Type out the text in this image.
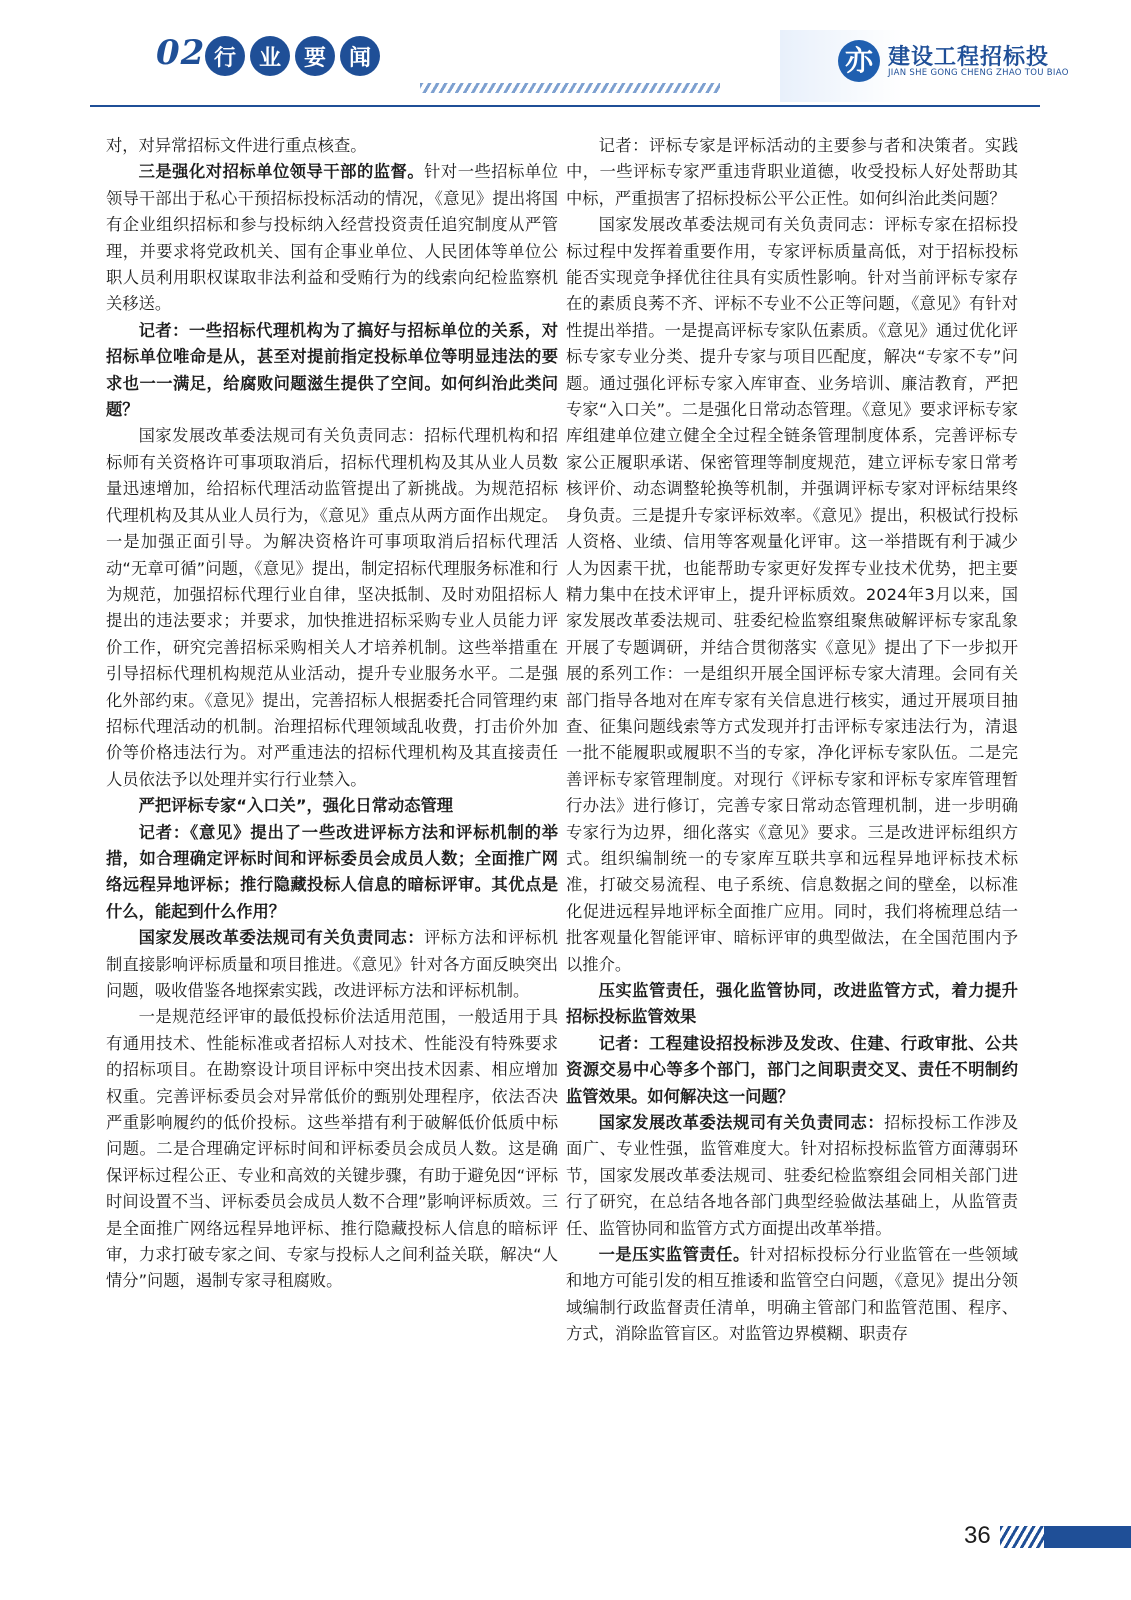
02 行	业	要	闻	亦 建设工程招标投
JIAN SHE GONG CHENG ZHAO TOU BIAO

对，对异常招标文件进行重点核查。

三是强化对招标单位领导干部的监督。针对一些招标单位领导干部出于私心干预招标投标活动的情况，《意见》提出将国有企业组织招标和参与投标纳入经营投资责任追究制度从严管理，并要求将党政机关、国有企事业单位、人民团体等单位公职人员利用职权谋取非法利益和受贿行为的线索向纪检监察机关移送。

记者：一些招标代理机构为了搞好与招标单位的关系，对招标单位唯命是从，甚至对提前指定投标单位等明显违法的要求也一一满足，给腐败问题滋生提供了空间。如何纠治此类问题？

国家发展改革委法规司有关负责同志：招标代理机构和招标师有关资格许可事项取消后，招标代理机构及其从业人员数量迅速增加，给招标代理活动监管提出了新挑战。为规范招标代理机构及其从业人员行为，《意见》重点从两方面作出规定。一是加强正面引导。为解决资格许可事项取消后招标代理活动“无章可循”问题，《意见》提出，制定招标代理服务标准和行为规范，加强招标代理行业自律，坚决抵制、及时劝阻招标人提出的违法要求；并要求，加快推进招标采购专业人员能力评价工作，研究完善招标采购相关人才培养机制。这些举措重在引导招标代理机构规范从业活动，提升专业服务水平。二是强化外部约束。《意见》提出，完善招标人根据委托合同管理约束招标代理活动的机制。治理招标代理领域乱收费，打击价外加价等价格违法行为。对严重违法的招标代理机构及其直接责任人员依法予以处理并实行行业禁入。

严把评标专家“入口关”，强化日常动态管理

记者：《意见》提出了一些改进评标方法和评标机制的举措，如合理确定评标时间和评标委员会成员人数；全面推广网络远程异地评标；推行隐藏投标人信息的暗标评审。其优点是什么，能起到什么作用？

国家发展改革委法规司有关负责同志：评标方法和评标机制直接影响评标质量和项目推进。《意见》针对各方面反映突出问题，吸收借鉴各地探索实践，改进评标方法和评标机制。

一是规范经评审的最低投标价法适用范围，一般适用于具有通用技术、性能标准或者招标人对技术、性能没有特殊要求的招标项目。在勘察设计项目评标中突出技术因素、相应增加权重。完善评标委员会对异常低价的甄别处理程序，依法否决严重影响履约的低价投标。这些举措有利于破解低价低质中标问题。二是合理确定评标时间和评标委员会成员人数。这是确保评标过程公正、专业和高效的关键步骤，有助于避免因“评标时间设置不当、评标委员会成员人数不合理”影响评标质效。三是全面推广网络远程异地评标、推行隐藏投标人信息的暗标评审，力求打破专家之间、专家与投标人之间利益关联，解决“人情分”问题，遏制专家寻租腐败。

记者：评标专家是评标活动的主要参与者和决策者。实践中，一些评标专家严重违背职业道德，收受投标人好处帮助其中标，严重损害了招标投标公平公正性。如何纠治此类问题？

国家发展改革委法规司有关负责同志：评标专家在招标投标过程中发挥着重要作用，专家评标质量高低，对于招标投标能否实现竞争择优往往具有实质性影响。针对当前评标专家存在的素质良莠不齐、评标不专业不公正等问题，《意见》有针对性提出举措。一是提高评标专家队伍素质。《意见》通过优化评标专家专业分类、提升专家与项目匹配度，解决“专家不专”问题。通过强化评标专家入库审查、业务培训、廉洁教育，严把专家“入口关”。二是强化日常动态管理。《意见》要求评标专家库组建单位建立健全全过程全链条管理制度体系，完善评标专家公正履职承诺、保密管理等制度规范，建立评标专家日常考核评价、动态调整轮换等机制，并强调评标专家对评标结果终身负责。三是提升专家评标效率。《意见》提出，积极试行投标人资格、业绩、信用等客观量化评审。这一举措既有利于减少人为因素干扰，也能帮助专家更好发挥专业技术优势，把主要精力集中在技术评审上，提升评标质效。2024年3月以来，国家发展改革委法规司、驻委纪检监察组聚焦破解评标专家乱象开展了专题调研，并结合贯彻落实《意见》提出了下一步拟开展的系列工作：一是组织开展全国评标专家大清理。会同有关部门指导各地对在库专家有关信息进行核实，通过开展项目抽查、征集问题线索等方式发现并打击评标专家违法行为，清退一批不能履职或履职不当的专家，净化评标专家队伍。二是完善评标专家管理制度。对现行《评标专家和评标专家库管理暂行办法》进行修订，完善专家日常动态管理机制，进一步明确专家行为边界，细化落实《意见》要求。三是改进评标组织方式。组织编制统一的专家库互联共享和远程异地评标技术标准，打破交易流程、电子系统、信息数据之间的壁垒，以标准化促进远程异地评标全面推广应用。同时，我们将梳理总结一批客观量化智能评审、暗标评审的典型做法，在全国范围内予以推介。

压实监管责任，强化监管协同，改进监管方式，着力提升招标投标监管效果

记者：工程建设招投标涉及发改、住建、行政审批、公共资源交易中心等多个部门，部门之间职责交叉、责任不明制约监管效果。如何解决这一问题？

国家发展改革委法规司有关负责同志：招标投标工作涉及面广、专业性强，监管难度大。针对招标投标监管方面薄弱环节，国家发展改革委法规司、驻委纪检监察组会同相关部门进行了研究，在总结各地各部门典型经验做法基础上，从监管责任、监管协同和监管方式方面提出改革举措。

一是压实监管责任。针对招标投标分行业监管在一些领域和地方可能引发的相互推诿和监管空白问题，《意见》提出分领域编制行政监督责任清单，明确主管部门和监管范围、程序、方式，消除监管盲区。对监管边界模糊、职责存

36
